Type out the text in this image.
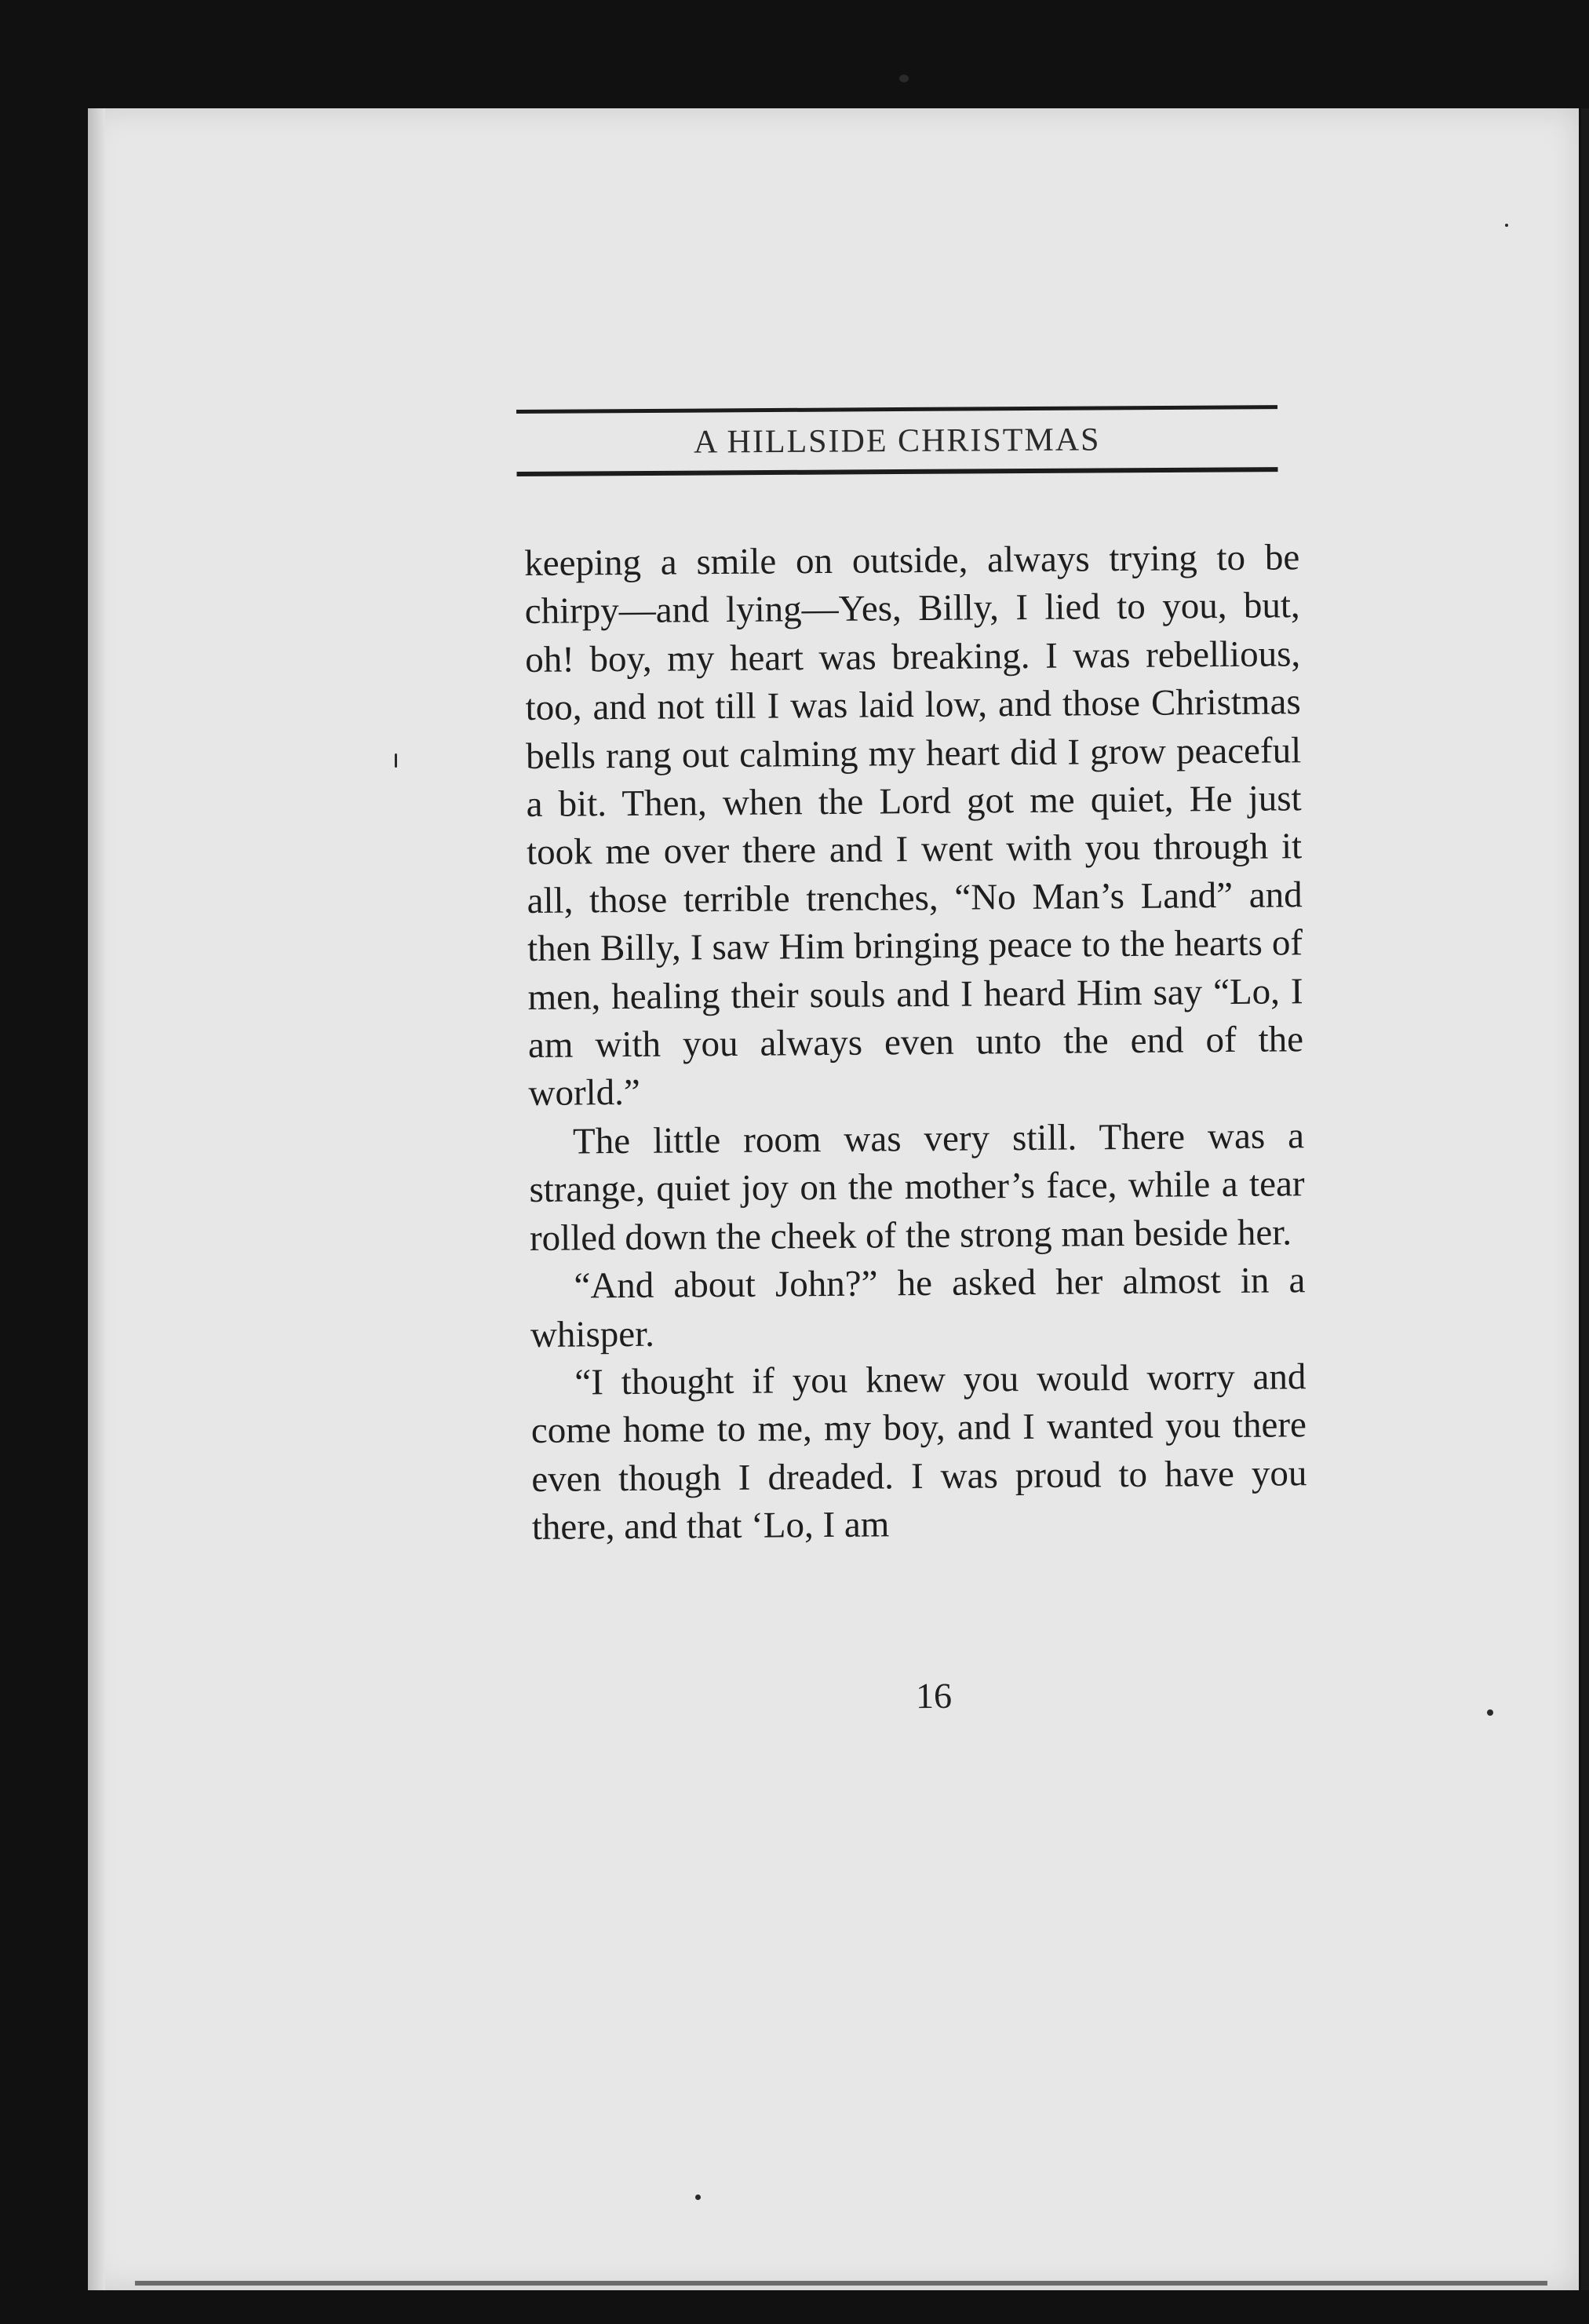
A HILLSIDE CHRISTMAS

keeping a smile on outside, always trying to be chirpy—and lying—Yes, Billy, I lied to you, but, oh! boy, my heart was breaking. I was rebellious, too, and not till I was laid low, and those Christmas bells rang out calming my heart did I grow peaceful a bit. Then, when the Lord got me quiet, He just took me over there and I went with you through it all, those terrible trenches, “No Man’s Land” and then Billy, I saw Him bringing peace to the hearts of men, healing their souls and I heard Him say “Lo, I am with you always even unto the end of the world.”

The little room was very still. There was a strange, quiet joy on the mother’s face, while a tear rolled down the cheek of the strong man beside her.

“And about John?” he asked her almost in a whisper.

“I thought if you knew you would worry and come home to me, my boy, and I wanted you there even though I dreaded. I was proud to have you there, and that ‘Lo, I am

16
